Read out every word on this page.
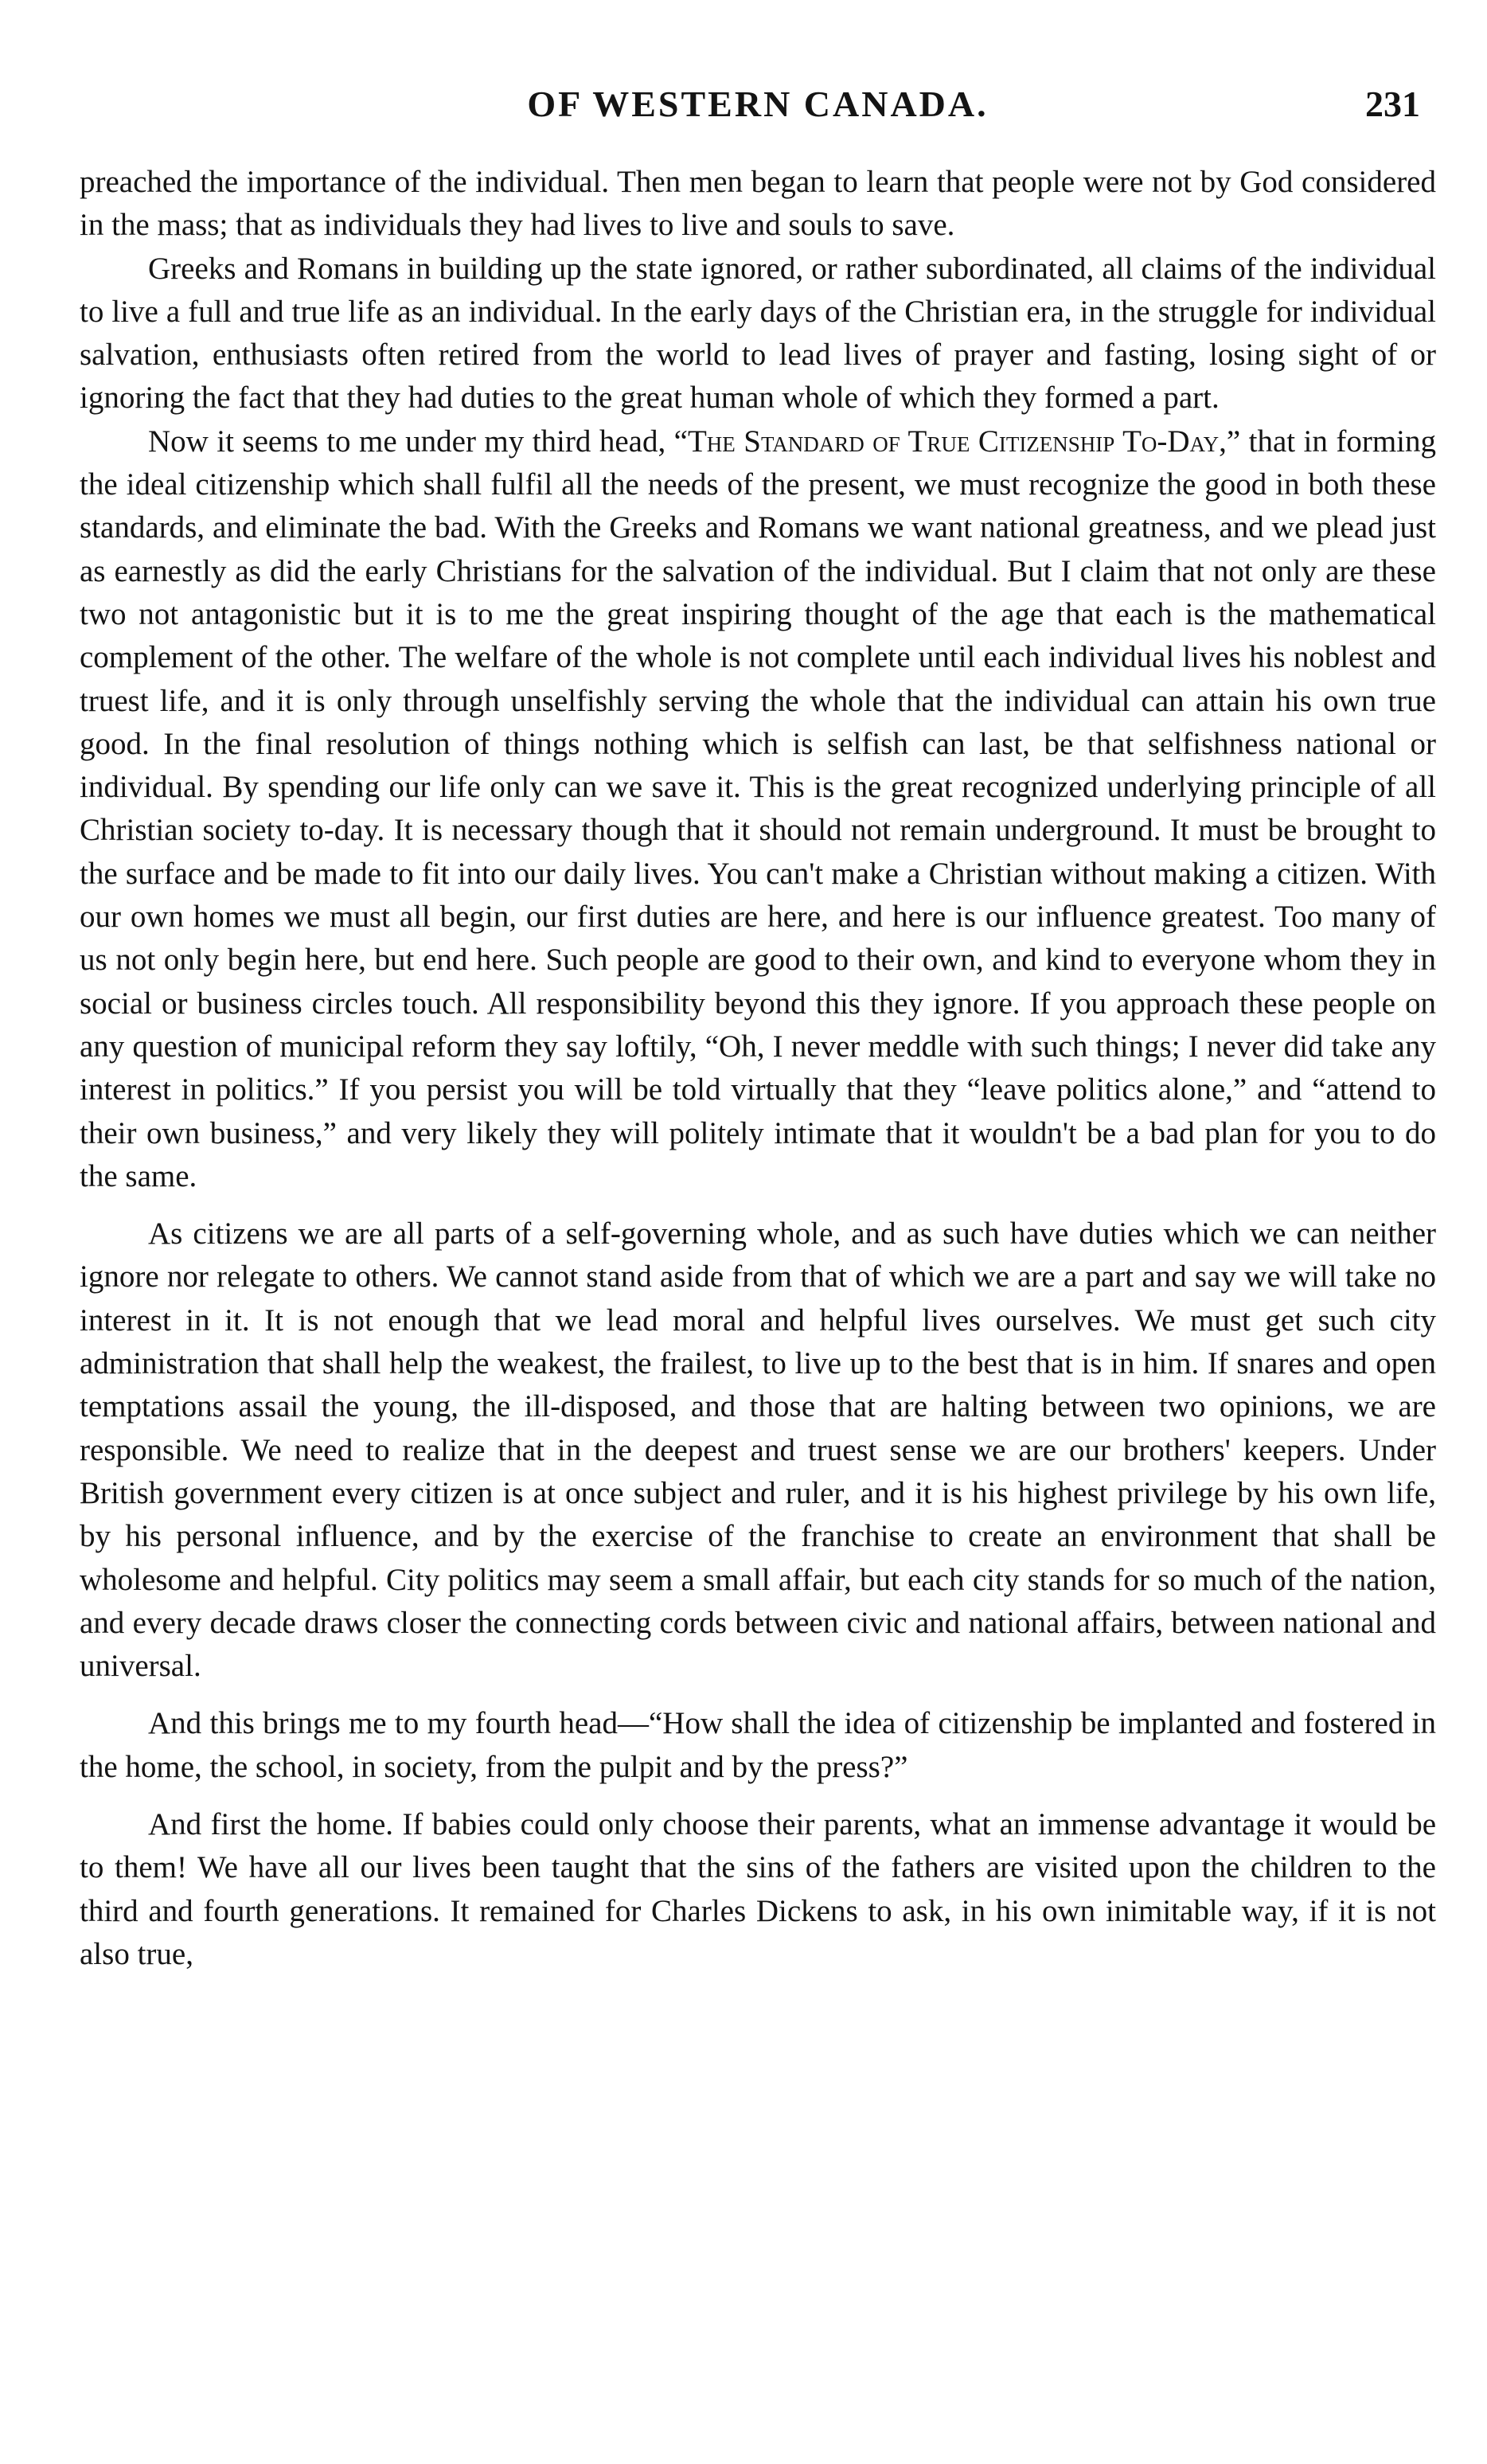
OF WESTERN CANADA.	231

preached the importance of the individual. Then men began to learn that people were not by God considered in the mass; that as individuals they had lives to live and souls to save.

Greeks and Romans in building up the state ignored, or rather subordinated, all claims of the individual to live a full and true life as an individual. In the early days of the Christian era, in the struggle for individual salvation, enthusiasts often retired from the world to lead lives of prayer and fasting, losing sight of or ignoring the fact that they had duties to the great human whole of which they formed a part.

Now it seems to me under my third head, “The Standard of True Citizenship To-Day,” that in forming the ideal citizenship which shall fulfil all the needs of the present, we must recognize the good in both these standards, and eliminate the bad. With the Greeks and Romans we want national greatness, and we plead just as earnestly as did the early Christians for the salvation of the individual. But I claim that not only are these two not antagonistic but it is to me the great inspiring thought of the age that each is the mathematical complement of the other. The welfare of the whole is not complete until each individual lives his noblest and truest life, and it is only through unselfishly serving the whole that the individual can attain his own true good. In the final resolution of things nothing which is selfish can last, be that selfishness national or individual. By spending our life only can we save it. This is the great recognized underlying principle of all Christian society to-day. It is necessary though that it should not remain underground. It must be brought to the surface and be made to fit into our daily lives. You can't make a Christian without making a citizen. With our own homes we must all begin, our first duties are here, and here is our influence greatest. Too many of us not only begin here, but end here. Such people are good to their own, and kind to everyone whom they in social or business circles touch. All responsibility beyond this they ignore. If you approach these people on any question of municipal reform they say loftily, “Oh, I never meddle with such things; I never did take any interest in politics.” If you persist you will be told virtually that they “leave politics alone,” and “attend to their own business,” and very likely they will politely intimate that it wouldn't be a bad plan for you to do the same.

As citizens we are all parts of a self-governing whole, and as such have duties which we can neither ignore nor relegate to others. We cannot stand aside from that of which we are a part and say we will take no interest in it. It is not enough that we lead moral and helpful lives ourselves. We must get such city administration that shall help the weakest, the frailest, to live up to the best that is in him. If snares and open temptations assail the young, the ill-disposed, and those that are halting between two opinions, we are responsible. We need to realize that in the deepest and truest sense we are our brothers' keepers. Under British government every citizen is at once subject and ruler, and it is his highest privilege by his own life, by his personal influence, and by the exercise of the franchise to create an environment that shall be wholesome and helpful. City politics may seem a small affair, but each city stands for so much of the nation, and every decade draws closer the connecting cords between civic and national affairs, between national and universal.

And this brings me to my fourth head—“How shall the idea of citizenship be implanted and fostered in the home, the school, in society, from the pulpit and by the press?”

And first the home. If babies could only choose their parents, what an immense advantage it would be to them! We have all our lives been taught that the sins of the fathers are visited upon the children to the third and fourth generations. It remained for Charles Dickens to ask, in his own inimitable way, if it is not also true,
